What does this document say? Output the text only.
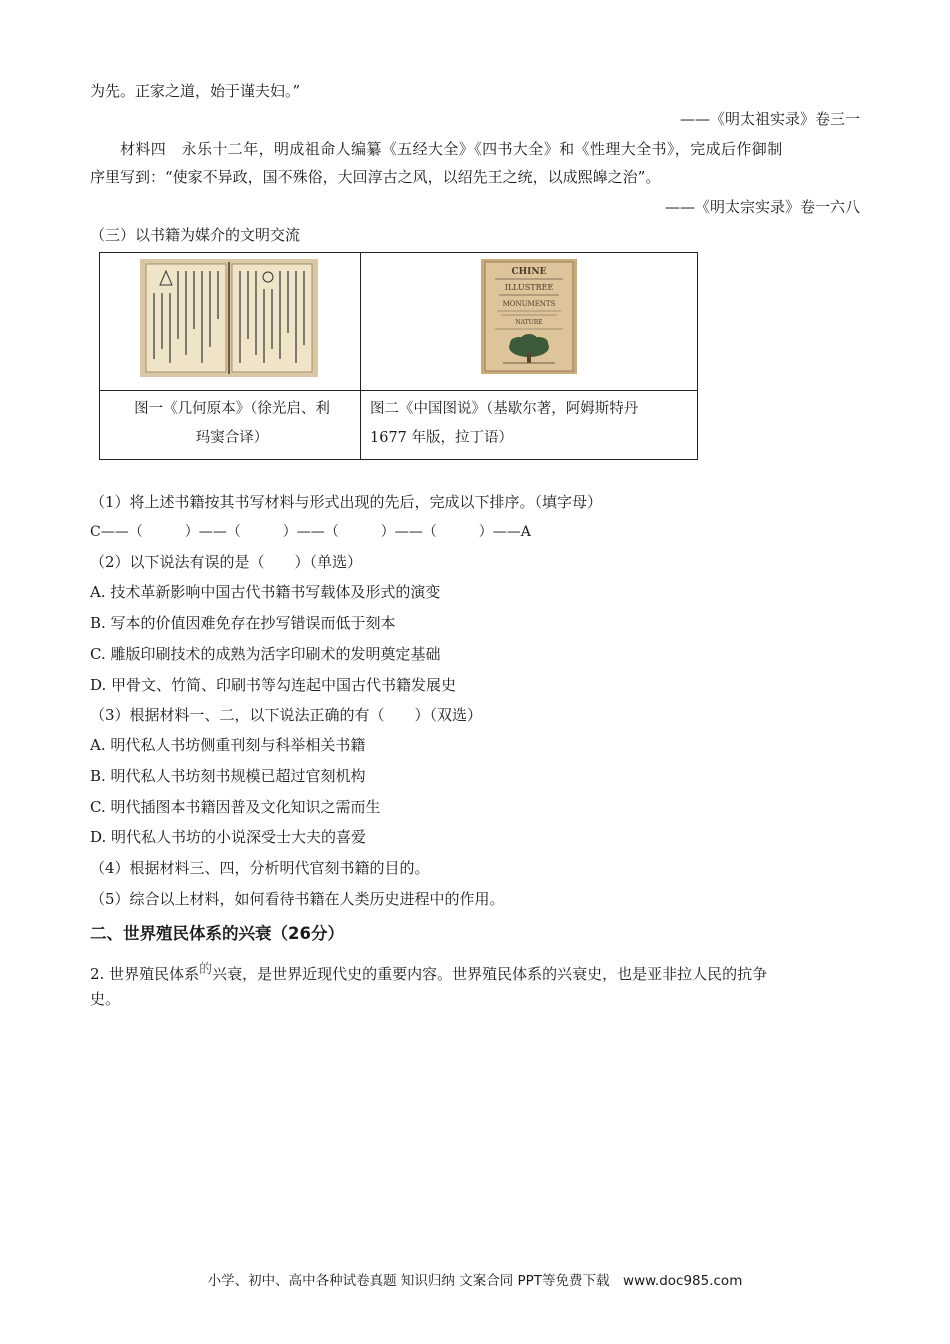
为先。正家之道，始于谨夫妇。”
——《明太祖实录》卷三一
材料四　永乐十二年，明成祖命人编纂《五经大全》《四书大全》和《性理大全书》，完成后作御制
序里写到：“使家不异政，国不殊俗，大回淳古之风，以绍先王之统，以成熙皞之治”。
——《明太宗实录》卷一六八
（三）以书籍为媒介的文明交流
CHINE
ILLUSTREE
MONUMENTS
NATURE
图一《几何原本》（徐光启、利
玛窦合译）
图二《中国图说》（基歇尔著，阿姆斯特丹
1677 年版，拉丁语）
（1）将上述书籍按其书写材料与形式出现的先后，完成以下排序。（填字母）
C——（　　　）——（　　　）——（　　　）——（　　　）——A
（2）以下说法有误的是（　　）（单选）
A. 技术革新影响中国古代书籍书写载体及形式的演变
B. 写本的价值因难免存在抄写错误而低于刻本
C. 雕版印刷技术的成熟为活字印刷术的发明奠定基础
D. 甲骨文、竹简、印刷书等勾连起中国古代书籍发展史
（3）根据材料一、二，以下说法正确的有（　　）（双选）
A. 明代私人书坊侧重刊刻与科举相关书籍
B. 明代私人书坊刻书规模已超过官刻机构
C. 明代插图本书籍因普及文化知识之需而生
D. 明代私人书坊的小说深受士大夫的喜爱
（4）根据材料三、四，分析明代官刻书籍的目的。
（5）综合以上材料，如何看待书籍在人类历史进程中的作用。
二、世界殖民体系的兴衰（26分）
2. 世界殖民体系的兴衰，是世界近现代史的重要内容。世界殖民体系的兴衰史，也是亚非拉人民的抗争
史。
小学、初中、高中各种试卷真题 知识归纳 文案合同 PPT等免费下载　www.doc985.com
